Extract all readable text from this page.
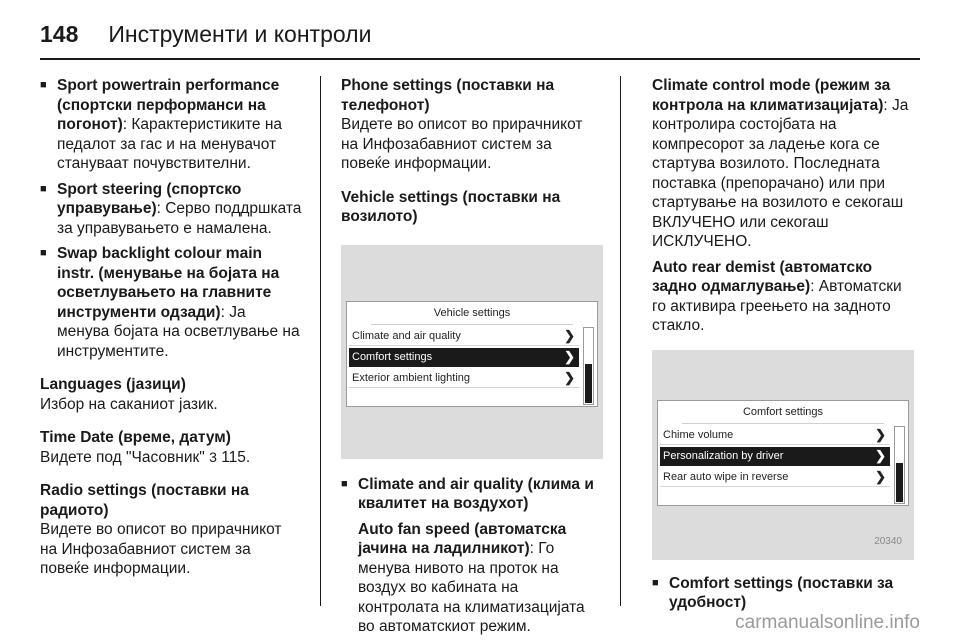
148 Инструменти и контроли
■ Sport powertrain performance (спортски перформанси на погонот): Карактеристиките на педалот за гас и на менувачот стануваат почувствителни.
■ Sport steering (спортско управување): Серво поддршката за управувањето е намалена.
■ Swap backlight colour main instr. (менување на бојата на осветлувањето на главните инструменти одзади): Ја менува бојата на осветлување на инструментите.
Languages (јазици)
Избор на саканиот јазик.
Time Date (време, датум)
Видете под "Часовник" 3 115.
Radio settings (поставки на радиото)
Видете во описот во прирачникот на Инфозабавниот систем за повеќе информации.
Phone settings (поставки на телефонот)
Видете во описот во прирачникот на Инфозабавниот систем за повеќе информации.
Vehicle settings (поставки на возилото)
Vehicle settings
Climate and air quality	❯
Comfort settings	❯
Exterior ambient lighting	❯
■ Climate and air quality (клима и квалитет на воздухот)
Auto fan speed (автоматска јачина на ладилникот): Го менува нивото на проток на воздух во кабината на контролата на климатизацијата во автоматскиот режим.
Climate control mode (режим за контрола на климатизацијата): Ја контролира состојбата на компресорот за ладење кога се стартува возилото. Последната поставка (препорачано) или при стартување на возилото е секогаш ВКЛУЧЕНО или секогаш ИСКЛУЧЕНО.
Auto rear demist (автоматско задно одмаглување): Автоматски го активира греењето на задното стакло.
Comfort settings
Chime volume	❯
Personalization by driver	❯
Rear auto wipe in reverse	❯
20340
■ Comfort settings (поставки за удобност)
carmanualsonline.info
